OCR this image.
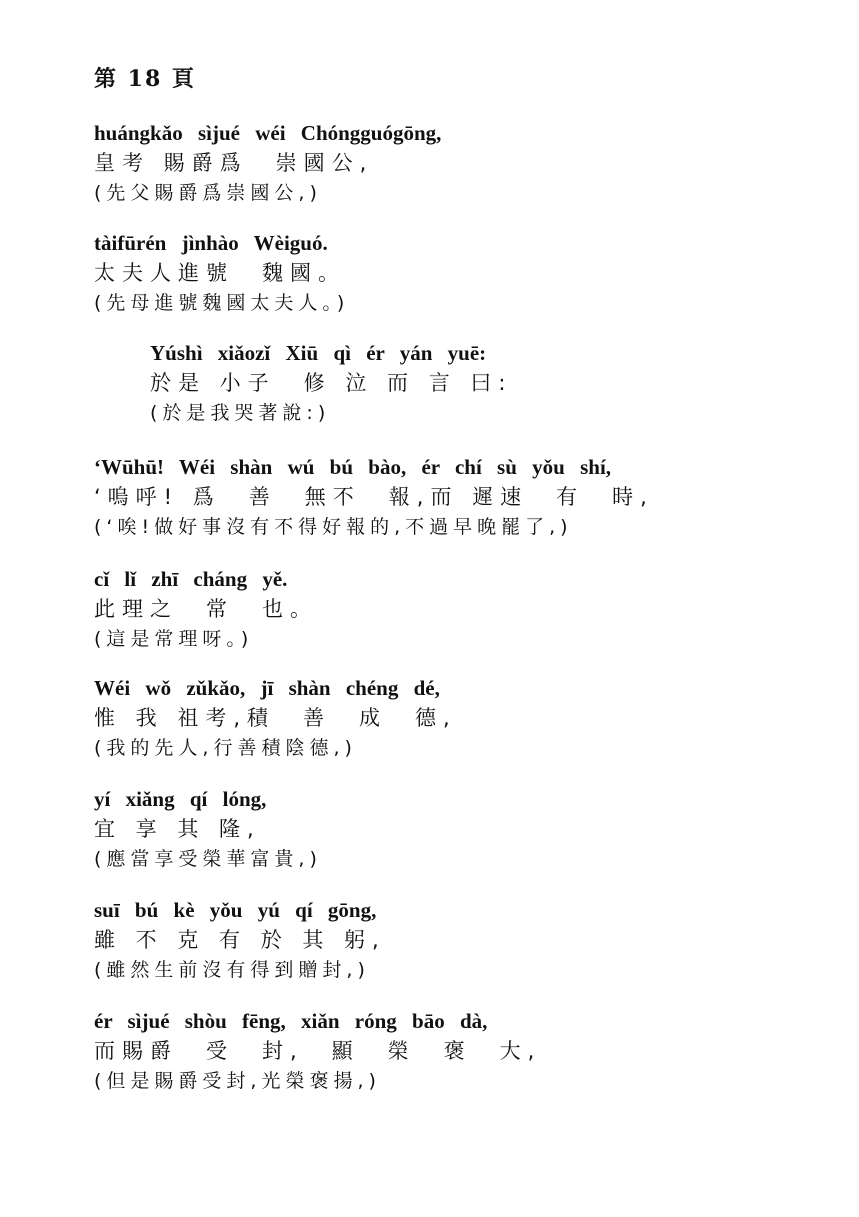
第 18 頁
huángkǎo sìjué wéi Chóngguógōng,
皇考 賜爵爲　崇國公,
(先父賜爵爲崇國公,)
tàifūrén jìnhào Wèiguó.
太夫人進號　魏國。
(先母進號魏國太夫人。)
Yúshì xiǎozǐ Xiū qì ér yán yuē:
於是 小子　修 泣 而 言 曰:
(於是我哭著說:)
‘Wūhū! Wéi shàn wú bú bào, ér chí sù yǒu shí,
‘嗚呼! 爲　善　無不　報,而 遲速　有　時,
(‘唉!做好事沒有不得好報的,不過早晚罷了,)
cǐ lǐ zhī cháng yě.
此理之　常　也。
(這是常理呀。)
Wéi wǒ zǔkǎo, jī shàn chéng dé,
惟 我 祖考,積　善　成　德,
(我的先人,行善積陰德,)
yí xiǎng qí lóng,
宜 享 其 隆,
(應當享受榮華富貴,)
suī bú kè yǒu yú qí gōng,
雖 不 克 有 於 其 躬,
(雖然生前沒有得到贈封,)
ér sìjué shòu fēng, xiǎn róng bāo dà,
而賜爵　受　封,　顯　榮　褒　大,
(但是賜爵受封,光榮褒揚,)
